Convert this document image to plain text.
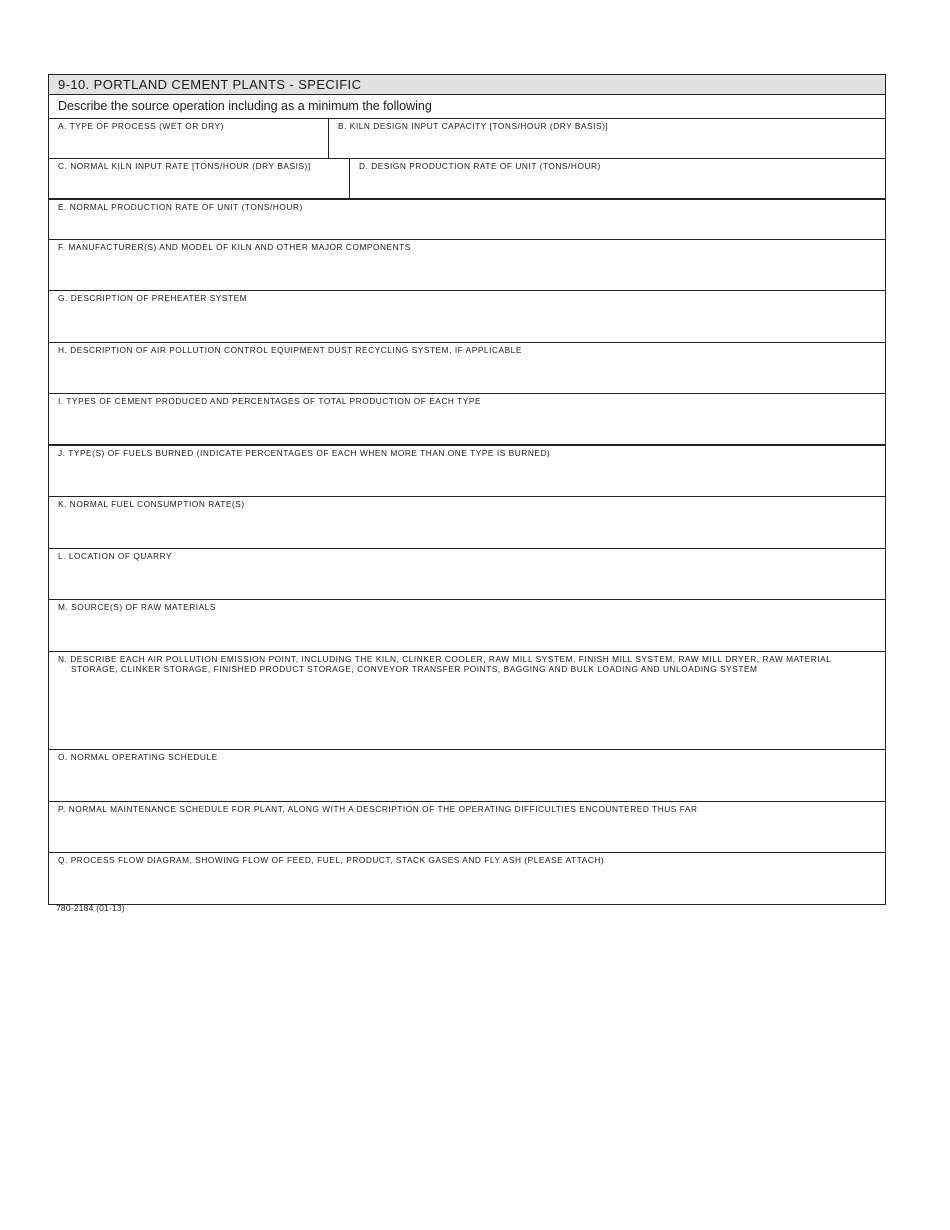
9-10. PORTLAND CEMENT PLANTS - SPECIFIC
Describe the source operation including as a minimum the following
A. TYPE OF PROCESS (WET OR DRY)	B. KILN DESIGN INPUT CAPACITY [TONS/HOUR (DRY BASIS)]
C. NORMAL KILN INPUT RATE [TONS/HOUR (DRY BASIS)]	D. DESIGN PRODUCTION RATE OF UNIT (TONS/HOUR)
E. NORMAL PRODUCTION RATE OF UNIT (TONS/HOUR)
F. MANUFACTURER(S) AND MODEL OF KILN AND OTHER MAJOR COMPONENTS
G. DESCRIPTION OF PREHEATER SYSTEM
H. DESCRIPTION OF AIR POLLUTION CONTROL EQUIPMENT DUST RECYCLING SYSTEM, IF APPLICABLE
I. TYPES OF CEMENT PRODUCED AND PERCENTAGES OF TOTAL PRODUCTION OF EACH TYPE
J. TYPE(S) OF FUELS BURNED (INDICATE PERCENTAGES OF EACH WHEN MORE THAN ONE TYPE IS BURNED)
K. NORMAL FUEL CONSUMPTION RATE(S)
L. LOCATION OF QUARRY
M. SOURCE(S) OF RAW MATERIALS
N. DESCRIBE EACH AIR POLLUTION EMISSION POINT, INCLUDING THE KILN, CLINKER COOLER, RAW MILL SYSTEM, FINISH MILL SYSTEM, RAW MILL DRYER, RAW MATERIAL
STORAGE, CLINKER STORAGE, FINISHED PRODUCT STORAGE, CONVEYOR TRANSFER POINTS, BAGGING AND BULK LOADING AND UNLOADING SYSTEM
O. NORMAL OPERATING SCHEDULE
P. NORMAL MAINTENANCE SCHEDULE FOR PLANT, ALONG WITH A DESCRIPTION OF THE OPERATING DIFFICULTIES ENCOUNTERED THUS FAR
Q. PROCESS FLOW DIAGRAM, SHOWING FLOW OF FEED, FUEL, PRODUCT, STACK GASES AND FLY ASH (PLEASE ATTACH)
780-2184 (01-13)
